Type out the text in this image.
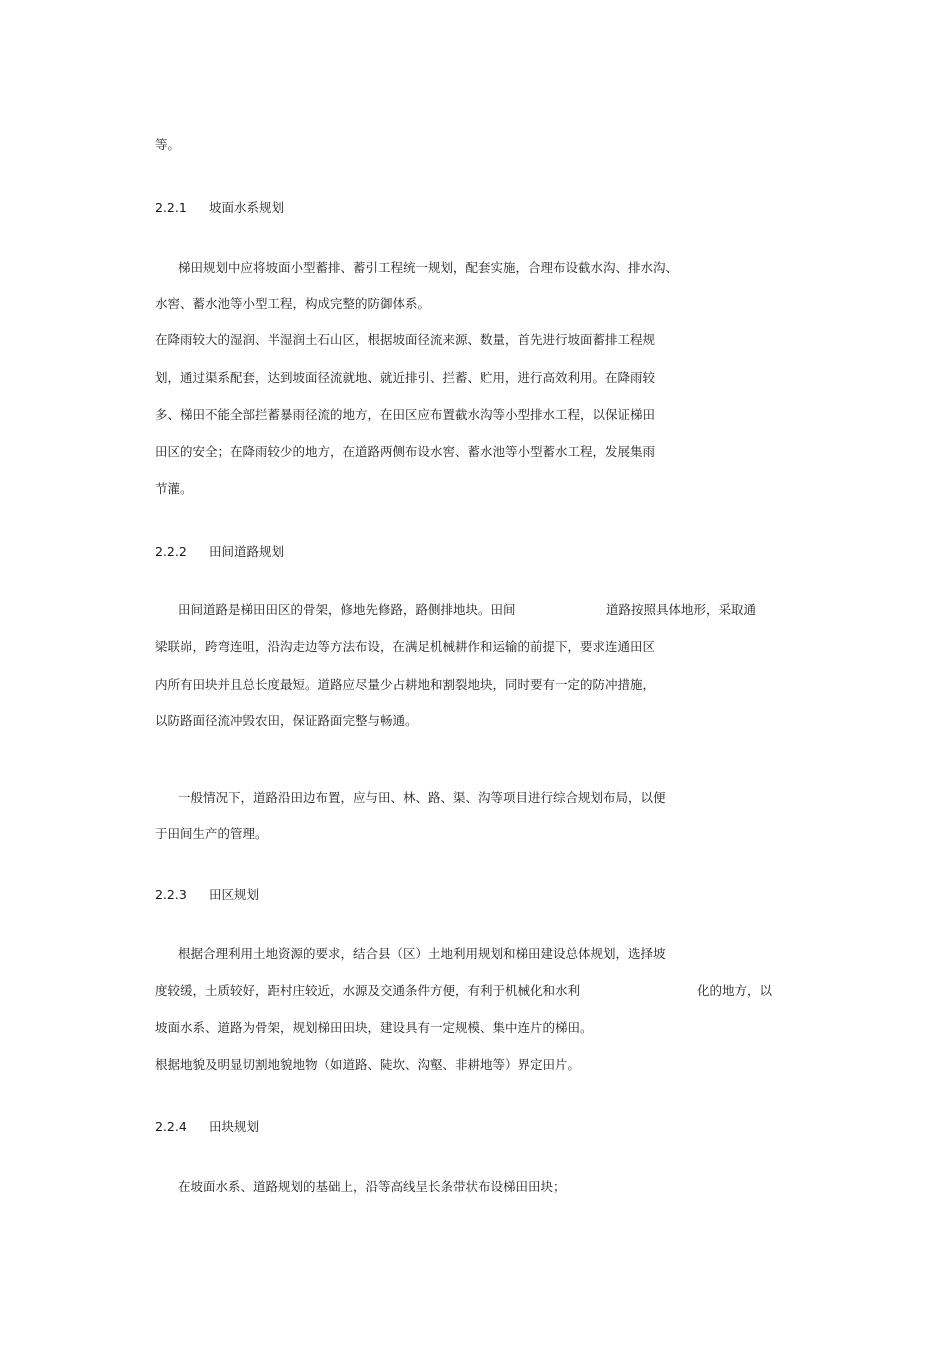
等。
2.2.1 坡面水系规划
梯田规划中应将坡面小型蓄排、蓄引工程统一规划，配套实施，合理布设截水沟、排水沟、
水窖、蓄水池等小型工程，构成完整的防御体系。
在降雨较大的湿润、半湿润土石山区，根据坡面径流来源、数量，首先进行坡面蓄排工程规
划，通过渠系配套，达到坡面径流就地、就近排引、拦蓄、贮用，进行高效利用。在降雨较
多、梯田不能全部拦蓄暴雨径流的地方，在田区应布置截水沟等小型排水工程，以保证梯田
田区的安全；在降雨较少的地方，在道路两侧布设水窖、蓄水池等小型蓄水工程，发展集雨
节灌。
2.2.2 田间道路规划
田间道路是梯田田区的骨架，修地先修路，路侧排地块。田间	道路按照具体地形，采取通
梁联峁，跨弯连咀，沿沟走边等方法布设，在满足机械耕作和运输的前提下，要求连通田区
内所有田块并且总长度最短。道路应尽量少占耕地和割裂地块，同时要有一定的防冲措施，
以防路面径流冲毁农田，保证路面完整与畅通。
一般情况下，道路沿田边布置，应与田、林、路、渠、沟等项目进行综合规划布局，以便
于田间生产的管理。
2.2.3 田区规划
根据合理利用土地资源的要求，结合县（区）土地利用规划和梯田建设总体规划，选择坡
度较缓，土质较好，距村庄较近，水源及交通条件方便，有利于机械化和水利	化的地方，以
坡面水系、道路为骨架，规划梯田田块，建设具有一定规模、集中连片的梯田。
根据地貌及明显切割地貌地物（如道路、陡坎、沟壑、非耕地等）界定田片。
2.2.4 田块规划
在坡面水系、道路规划的基础上，沿等高线呈长条带状布设梯田田块；
